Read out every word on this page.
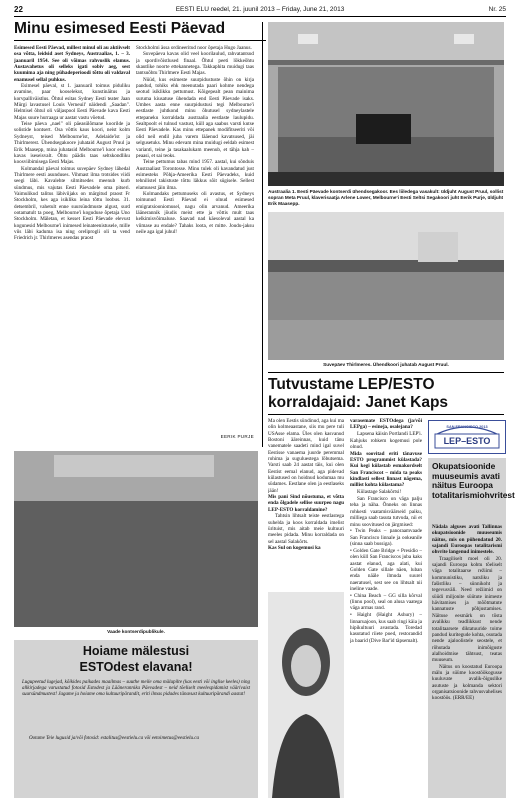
22	EESTI ELU reedel, 21. juunil 2013 – Friday, June 21, 2013	Nr. 25
Minu esimesed Eesti Päevad

Esimesed Eesti Päevad, millest minul oli au aktiivselt osa võtta, leidsid aset Sydneys, Austraalias, 1. – 3. jaanuaril 1954. See oli võimas rahvuslik elamus. Austavahetus oli selleks igati sobiv aeg, sest kuumima aja ning pühadeperioodi tõttu oli valdaval enamusel sellal puhkus.

Esimesel päeval, st 1. jaanuaril toimus piduliku avamine, paar kooselekut, kunstinäitus ja korvpalliväistlus. Õhtul esitas Sydney Eesti teater Jaan Mürgi lavastusel Louis Verneuil' näidendi „Saadan". Helmisel õhtul oli väljaspool Eesti Päevade kava Eesti Majas suure hurraaga ur aastat vastu võetud.

Teise päeva „nael" oli päeasülõmane koorilde ja solistide kontsert. Osa võttis kaus koori, neist kolm Sydneyst, teised Melbourne'ist, Adelaide'ist ja Thirlmerest. Ühendsegakoore juhataid August Pruul ja Erik Maasepp, mina juhatasid Melbourne'i koor esines kavas iseseisvalt. Õhtu päädis taas seltskondliku koosviibimisega Eesti Majas.

Kolmandal päeval toimus suvepäev Sydney lähedal Thirlmere eesti asunduses. Vihmast ilma trotsides viidi seegi läbi. Kavalehte silmitsedes meenub kurb sündmus, mis vajutas Eesti Päevadele oma pitseri. Vaimulikud talitus läbiviijaks on märgitud praost Fr Stockholm, kes aga isikliku leina tõttu loobus. 31. detsembril, vahetult enne suursündmuste algust, surd ootamatult ta poeg, Melbourne'i koguduse õpetaja Uno Stockholm. Mäletan, et kesset Eesti Päevade elevust kogunesid Melbourne'i inimesed leinateenistusele, mille viis läbi kaduma isa ning oreliprogli oli ta vend Friedrich jr. Thirlmeres asendas praost

Stockholmi ässa ordineeritud noor õpetaja Hugo Jaanus.

Suvepäeva kavas olid veel koorilaulud, rahvatantsud ja spordivõistlused finaal. Õhtul peeti lõkkeõhtu skautlike noorte ettekannetega. Takkaphita muidugi taas tantsuõhtu Thirlmere Eesti Majas.

Nüüd, kus esimeste suurpidustuste õhin on kirja pandud, tohiks ehk meenutada paari kohme nendega seotud isiklikku pettumust. Kõigepealt pean mainima suruma kiusatuse ühendada end Eesti Päevade isaks. Umbes aasta enne suurpidustusi tegi Melbourne'i eestlaste juhtkond minu õhutusel sydneylastele ettepaneku korraldada austraalia eestlaste laulupidu. Sealtpoolt ei tulnud vastust, küll aga saabus varsti kutse Eesti Päevadele. Kas minu ettepanek modifitseeriti või olid neil endil juba varem lääenud kavatsused, jäi selgusetuks. Minu edevam mina muidugi eeldab esimest varianti, teine ja tasakaalukam meenub, et tähja kah – peaasi, et sai teoks.

Teine pettumus tabas mind 1957. aastal, kui sõnduis Austraaliast Torontosse. Minu tulek oli kavandatud just esimesteks Põhja-Ameerika Eesti Päevadeks, kuid tehnilistel takistuste tõttu läkkus sõit sügisele. Sellest elamusest jäin ilma.

Kolmandaks pettumuseks oli avastus, et Sydneys toimunud Eesti Päevad ei olnud esimesed emigratsiooniomusel, nagu olin arvanud. Ameerika läänerannik jõudis meist ette ja võttis mult taas kelkimisvõimaluse. Saavad nad käesoleval aastal ka viimase au endale? Tahaks loota, et mitte. Joudu-jaksu neile aga igal juhul!

EERIK PURJE
Austraalia 1. Eesti Päevade kontserdi ühendsegakoor. Ees liiledega vasakult: üldjuht August Pruul, sollist sopran Meta Pruul, klaverisaatja Arlene Lower, Melbourne'i Eesti Seltsi Segakoori juht Eerik Purje, üldjuht Erik Maasepp.
Suvepäev Thirlmeres. Ühendkoori juhatab August Pruul.
Vaade kontserdipublikule.
Hoiame mälestusi
ESTOdest elavana!
Lugupeetud lugejad, kõikides paikades maailmas – suuthe meile oma mälupilte (kas eesti või inglise keeles) ning allkirjadega varustatud fotosid Estodest ja Läänerannika Päevadest – neid tõeliselt meelespidamist väärivaist suursündmustest! Jagame ja hoiame oma kultuuripärandit, eriti ilmas pidades tänavust kultuuripärandi aastat!
Ootame Teie lugusid ja/või fotosid: estalitus@eestielu.ca või eetoimetus@eestielu.ca
Tutvustame LEP/ESTO
korraldajaid: Janet Kaps

Ma olen Eestis sündinud, aga kui ma olin kolmeaastane, siis mu pere tuli USAsse elama. Üles olen kasvanud Bostoni ääreinnas, kuid tänu vanematele saadeti mind igal suvel Eestisse vanaema juurde peremmal rohima ja suguluestega lõbutsema. Varsti saab 24 aastat täis, kui olen Eestist eemal elanud, aga pidevad külastused on hoidnud kodumaa mu südames. Eestlane olen ja eestlaseks jään!

Mis pani Sind nõustuma, et võtta enda õlgadele sellise suurpeo nagu LEP-ESTO korraldamine?

Tahtsin lihtsalt teiste eestlastega suhelda ja koos korraldada imelist ürituist, mis aitab meie kultuuri meeles pidada. Minu korraldada on sel aastal Salakõrts.

Kas Sul on kogemusi ka

varasemate ESTOdega (ja/või LEPga) – esineja, osalejana?

Lapsena käisin Portlandi LEP'i. Kahjuks rohkem kogemusi pole olnud.

Mida soovitad eriti tänavuse ESTO programmist külastada? Kui kegi külastab esmakordselt San Franciscot – mida ta peaks kindlasti sellest linnast nägema, millist kohta külastama?

Külastage Salakõrtsi!

San Francisco on väga palju teha ja näha. Õnneks on linnas rohkesti vaatamisväärseid paiku, milliega saab tasuta tutvuda, nii et minu soovitused on järgmised:

• Twin Peaks – panoraamvaade San Francisco linnale ja ookeanile (sinna saab bussiga).

• Golden Gate Bridge + Presidio – olen küll San Franciscos juba kaks aastat elanud, aga alati, kui Golden Gate sillale näen, luban enda nääle ilmuda suurel naeratusel, sest see on lihtsalt nii ineline vaade.

• China Beach – GG silla kõrval (linnu pool), seal on alusa vaatega väga armas rand.

• Haight (Haight Ashury) – linnaruajoon, kus saab ringi käia ja hipikultuuri avastada. Toredad kasutatud riiete poed, restorandid ja baarid (Dive Bar'id täpsemalt).

SAN FRANCISCO 2013
LEP–ESTO
Okupatsioonide muuseumis avati näitus Euroopa totalitarismiohvritest

Nädala alguses avati Tallinnas okupatsioonide muuseumis näitus, mis on pühendatud 20. sajandi Euroopas totalitarismi ohvrite langenud inimestele.

Traagiliselt moel oli 20. sajandi Euroopa kohtu tõeliselt väga totalitaarse režiimi – kommunistiku, natsliku ja fašistliku – sünnikoht ja tegevusväli. Need režiimid on süüdi miljonite süütute inimeste hävitamises ja mõõtmatute kannatuste põhjustamises. Näituse eesmärk on tõsta avalikku teadlikkust nende totalitaarsete diktatuuride toime pandud kuritegude kohta, osutada nende ajaloolistele seostele, et rõhutada inimõiguste alalhoidmise tähtsust, teatas muuseum.

Näitus on koostatud Euroopa mälu ja süüme koostöökogusse kuuluvate avalik-õiguslike asutuste ja kolmanda sektori organisatsioonide rahvusvahelises koostöös. (ERR/EE)
